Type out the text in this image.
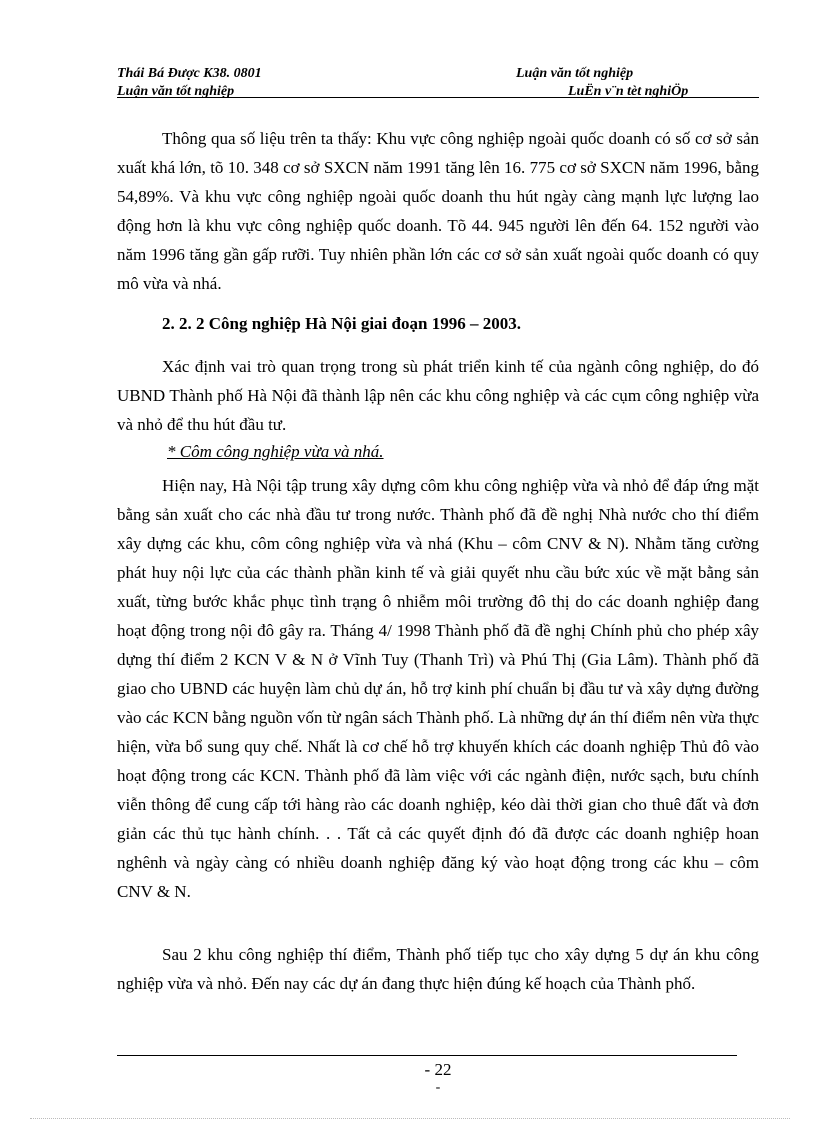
Thái Bá Được K38. 0801	Luận văn tốt nghiệp
Luận văn tốt nghiệp	LuËn v¨n tèt nghiÖp

Thông qua số liệu trên ta thấy: Khu vực công nghiệp ngoài quốc doanh có số cơ sở sản xuất khá lớn, tõ 10. 348 cơ sở SXCN năm 1991 tăng lên 16. 775 cơ sở SXCN năm 1996, bằng 54,89%. Và khu vực công nghiệp ngoài quốc doanh thu hút ngày càng mạnh lực lượng lao động hơn là khu vực công nghiệp quốc doanh. Tõ 44. 945 người lên đến 64. 152 người vào năm 1996 tăng gần gấp rưỡi. Tuy nhiên phần lớn các cơ sở sản xuất ngoài quốc doanh có quy mô vừa và nhá.

2. 2. 2 Công nghiệp Hà Nội giai đoạn 1996 – 2003.

Xác định vai trò quan trọng trong sù phát triển kinh tế của ngành công nghiệp, do đó UBND Thành phố Hà Nội đã thành lập nên các khu công nghiệp và các cụm công nghiệp vừa và nhỏ để thu hút đầu tư.

* Côm công nghiệp vừa và nhá.

Hiện nay, Hà Nội tập trung xây dựng côm khu công nghiệp vừa và nhỏ để đáp ứng mặt bằng sản xuất cho các nhà đầu tư trong nước. Thành phố đã đề nghị Nhà nước cho thí điểm xây dựng các khu, côm công nghiệp vừa và nhá (Khu – côm CNV & N). Nhằm tăng cường phát huy nội lực của các thành phần kinh tế và giải quyết nhu cầu bức xúc về mặt bằng sản xuất, từng bước khắc phục tình trạng ô nhiễm môi trường đô thị do các doanh nghiệp đang hoạt động trong nội đô gây ra. Tháng 4/ 1998 Thành phố đã đề nghị Chính phủ cho phép xây dựng thí điểm 2 KCN V & N ở Vĩnh Tuy (Thanh Trì) và Phú Thị (Gia Lâm). Thành phố đã giao cho UBND các huyện làm chủ dự án, hỗ trợ kinh phí chuẩn bị đầu tư và xây dựng đường vào các KCN bằng nguồn vốn từ ngân sách Thành phố. Là những dự án thí điểm nên vừa thực hiện, vừa bổ sung quy chế. Nhất là cơ chế hỗ trợ khuyến khích các doanh nghiệp Thủ đô vào hoạt động trong các KCN. Thành phố đã làm việc với các ngành điện, nước sạch, bưu chính viễn thông để cung cấp tới hàng rào các doanh nghiệp, kéo dài thời gian cho thuê đất và đơn giản các thủ tục hành chính. . . Tất cả các quyết định đó đã được các doanh nghiệp hoan nghênh và ngày càng có nhiều doanh nghiệp đăng ký vào hoạt động trong các khu – côm CNV & N.

Sau 2 khu công nghiệp thí điểm, Thành phố tiếp tục cho xây dựng 5 dự án khu công nghiệp vừa và nhỏ. Đến nay các dự án đang thực hiện đúng kế hoạch của Thành phố.

- 22
-
